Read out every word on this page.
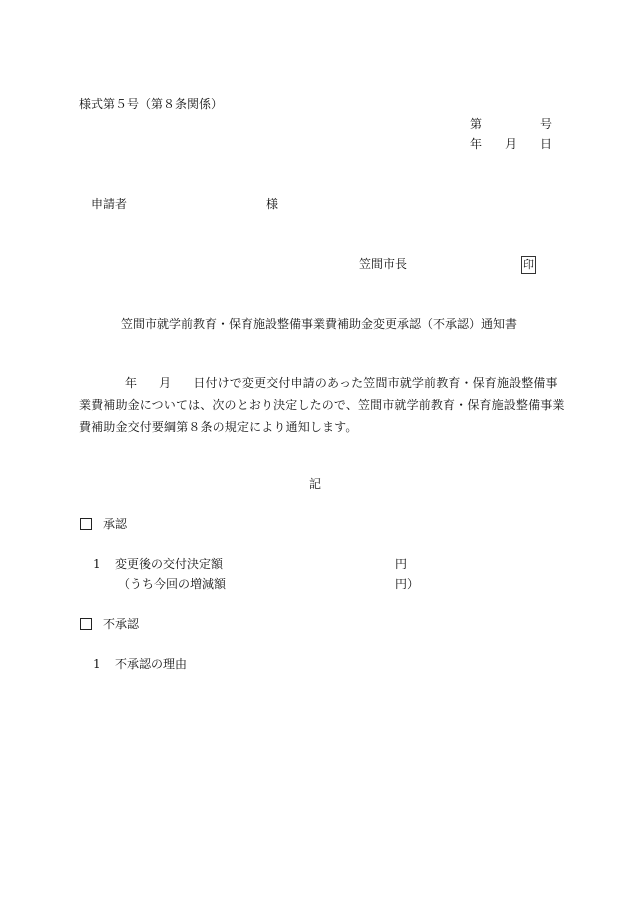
様式第５号（第８条関係）
第	号
年 月 日
申請者	様
笠間市長	印
笠間市就学前教育・保育施設整備事業費補助金変更承認（不承認）通知書
年 月 日付けで変更交付申請のあった笠間市就学前教育・保育施設整備事
業費補助金については、次のとおり決定したので、笠間市就学前教育・保育施設整備事業
費補助金交付要綱第８条の規定により通知します。
記
承認
1 変更後の交付決定額	円
（うち今回の増減額	円）
不承認
1 不承認の理由
